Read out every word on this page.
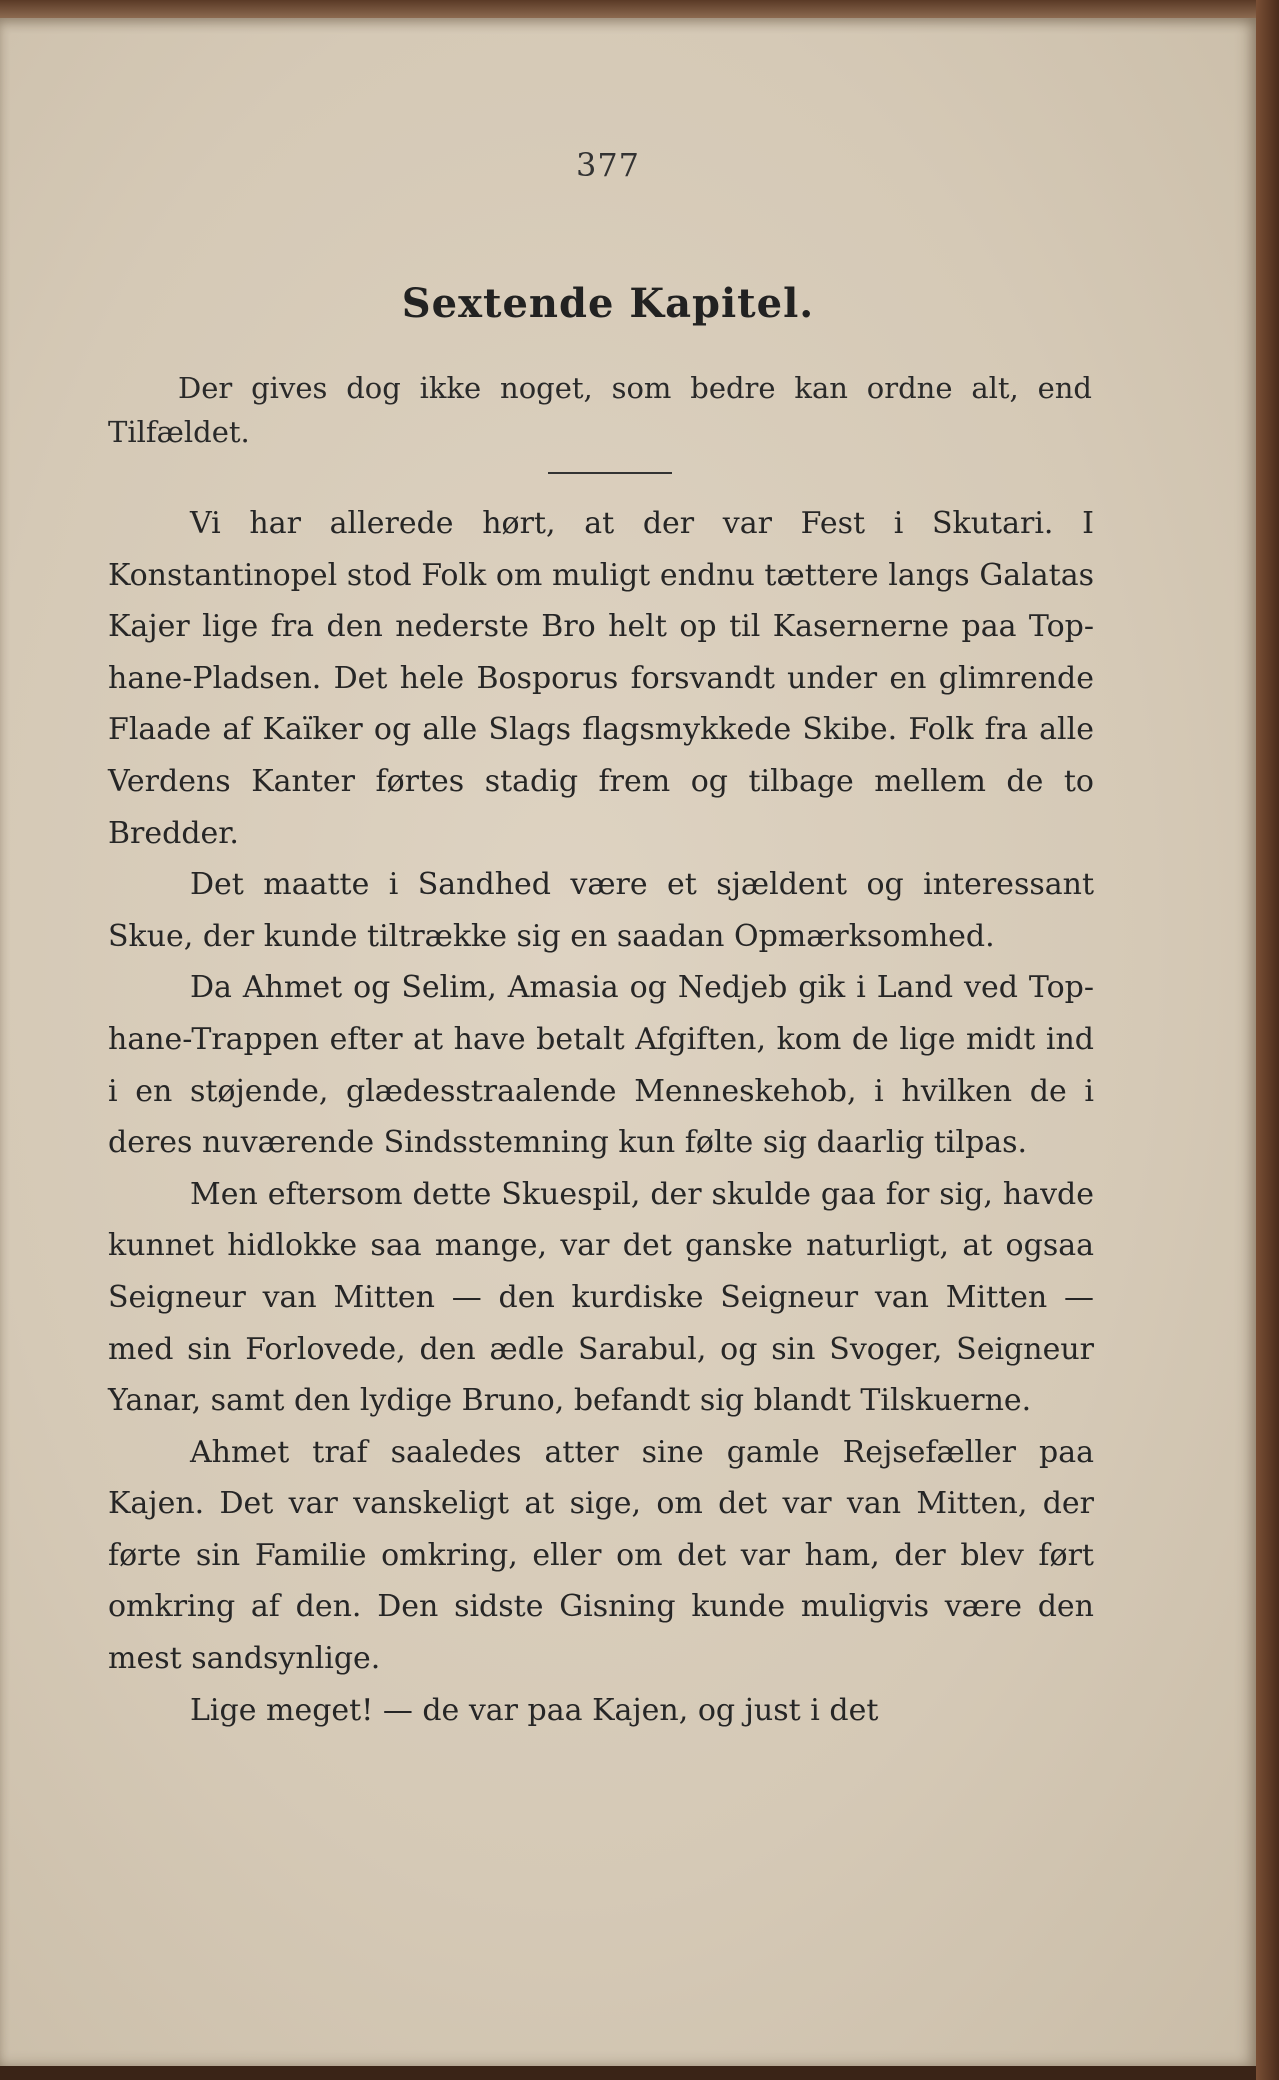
377
Sextende Kapitel.

Der gives dog ikke noget, som bedre kan ordne alt, end Tilfældet.

Vi har allerede hørt, at der var Fest i Skutari. I Konstantinopel stod Folk om muligt endnu tættere langs Galatas Kajer lige fra den nederste Bro helt op til Kasernerne paa Top-hane-Pladsen. Det hele Bosporus forsvandt under en glimrende Flaade af Kaïker og alle Slags flagsmykkede Skibe. Folk fra alle Verdens Kanter førtes stadig frem og tilbage mellem de to Bredder.

Det maatte i Sandhed være et sjældent og interessant Skue, der kunde tiltrække sig en saadan Opmærksomhed.

Da Ahmet og Selim, Amasia og Nedjeb gik i Land ved Top-hane-Trappen efter at have betalt Afgiften, kom de lige midt ind i en støjende, glædesstraalende Menneskehob, i hvilken de i deres nuværende Sindsstemning kun følte sig daarlig tilpas.

Men eftersom dette Skuespil, der skulde gaa for sig, havde kunnet hidlokke saa mange, var det ganske naturligt, at ogsaa Seigneur van Mitten — den kurdiske Seigneur van Mitten — med sin Forlovede, den ædle Sarabul, og sin Svoger, Seigneur Yanar, samt den lydige Bruno, befandt sig blandt Tilskuerne.

Ahmet traf saaledes atter sine gamle Rejsefæller paa Kajen. Det var vanskeligt at sige, om det var van Mitten, der førte sin Familie omkring, eller om det var ham, der blev ført omkring af den. Den sidste Gisning kunde muligvis være den mest sandsynlige.

Lige meget! — de var paa Kajen, og just i det
